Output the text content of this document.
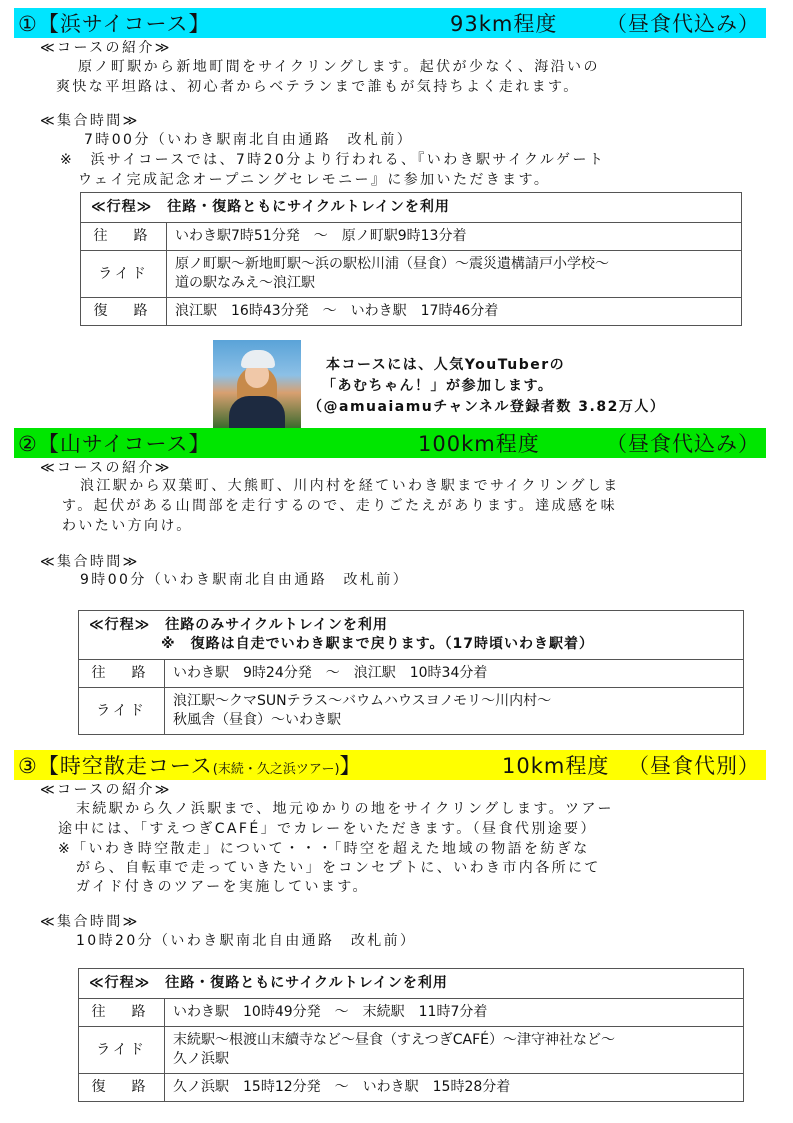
①【浜サイコース】	93km程度 （昼食代込み）
≪コースの紹介≫
原ノ町駅から新地町間をサイクリングします。起伏が少なく、海沿いの
爽快な平坦路は、初心者からベテランまで誰もが気持ちよく走れます。
≪集合時間≫
7時00分（いわき駅南北自由通路　改札前）
※　浜サイコースでは、7時20分より行われる、『いわき駅サイクルゲート
ウェイ完成記念オープニングセレモニー』に参加いただきます。
≪行程≫　往路・復路ともにサイクルトレインを利用	
往　路	いわき駅7時51分発　～　原ノ町駅9時13分着
ライド	原ノ町駅～新地町駅～浜の駅松川浦（昼食）～震災遺構請戸小学校～
道の駅なみえ～浪江駅

復　路	浪江駅　16時43分発　～　いわき駅　17時46分着
本コースには、人気YouTuberの
「あむちゃん！」が参加します。
（@amuaiamuチャンネル登録者数 3.82万人）
②【山サイコース】	100km程度	（昼食代込み）
≪コースの紹介≫
浪江駅から双葉町、大熊町、川内村を経ていわき駅までサイクリングしま
す。起伏がある山間部を走行するので、走りごたえがあります。達成感を味
わいたい方向け。
≪集合時間≫
9時00分（いわき駅南北自由通路　改札前）
≪行程≫　往路のみサイクルトレインを利用
※　復路は自走でいわき駅まで戻ります。（17時頃いわき駅着）	

往　路	いわき駅　9時24分発　～　浪江駅　10時34分着
ライド	浪江駅～クマSUNテラス～バウムハウスヨノモリ～川内村～
秋風舎（昼食）～いわき駅
③【時空散走コース(末続・久之浜ツアー)】	10km程度 （昼食代別）
≪コースの紹介≫
末続駅から久ノ浜駅まで、地元ゆかりの地をサイクリングします。ツアー
途中には、「すえつぎCAFÉ」でカレーをいただきます。（昼食代別途要）
※「いわき時空散走」について・・・「時空を超えた地域の物語を紡ぎな
がら、自転車で走っていきたい」をコンセプトに、いわき市内各所にて
ガイド付きのツアーを実施しています。
≪集合時間≫
10時20分（いわき駅南北自由通路　改札前）
≪行程≫　往路・復路ともにサイクルトレインを利用	
往　路	いわき駅　10時49分発　～　末続駅　11時7分着
ライド	末続駅～根渡山末續寺など～昼食（すえつぎCAFÉ）～津守神社など～
久ノ浜駅

復　路	久ノ浜駅　15時12分発　～　いわき駅　15時28分着
